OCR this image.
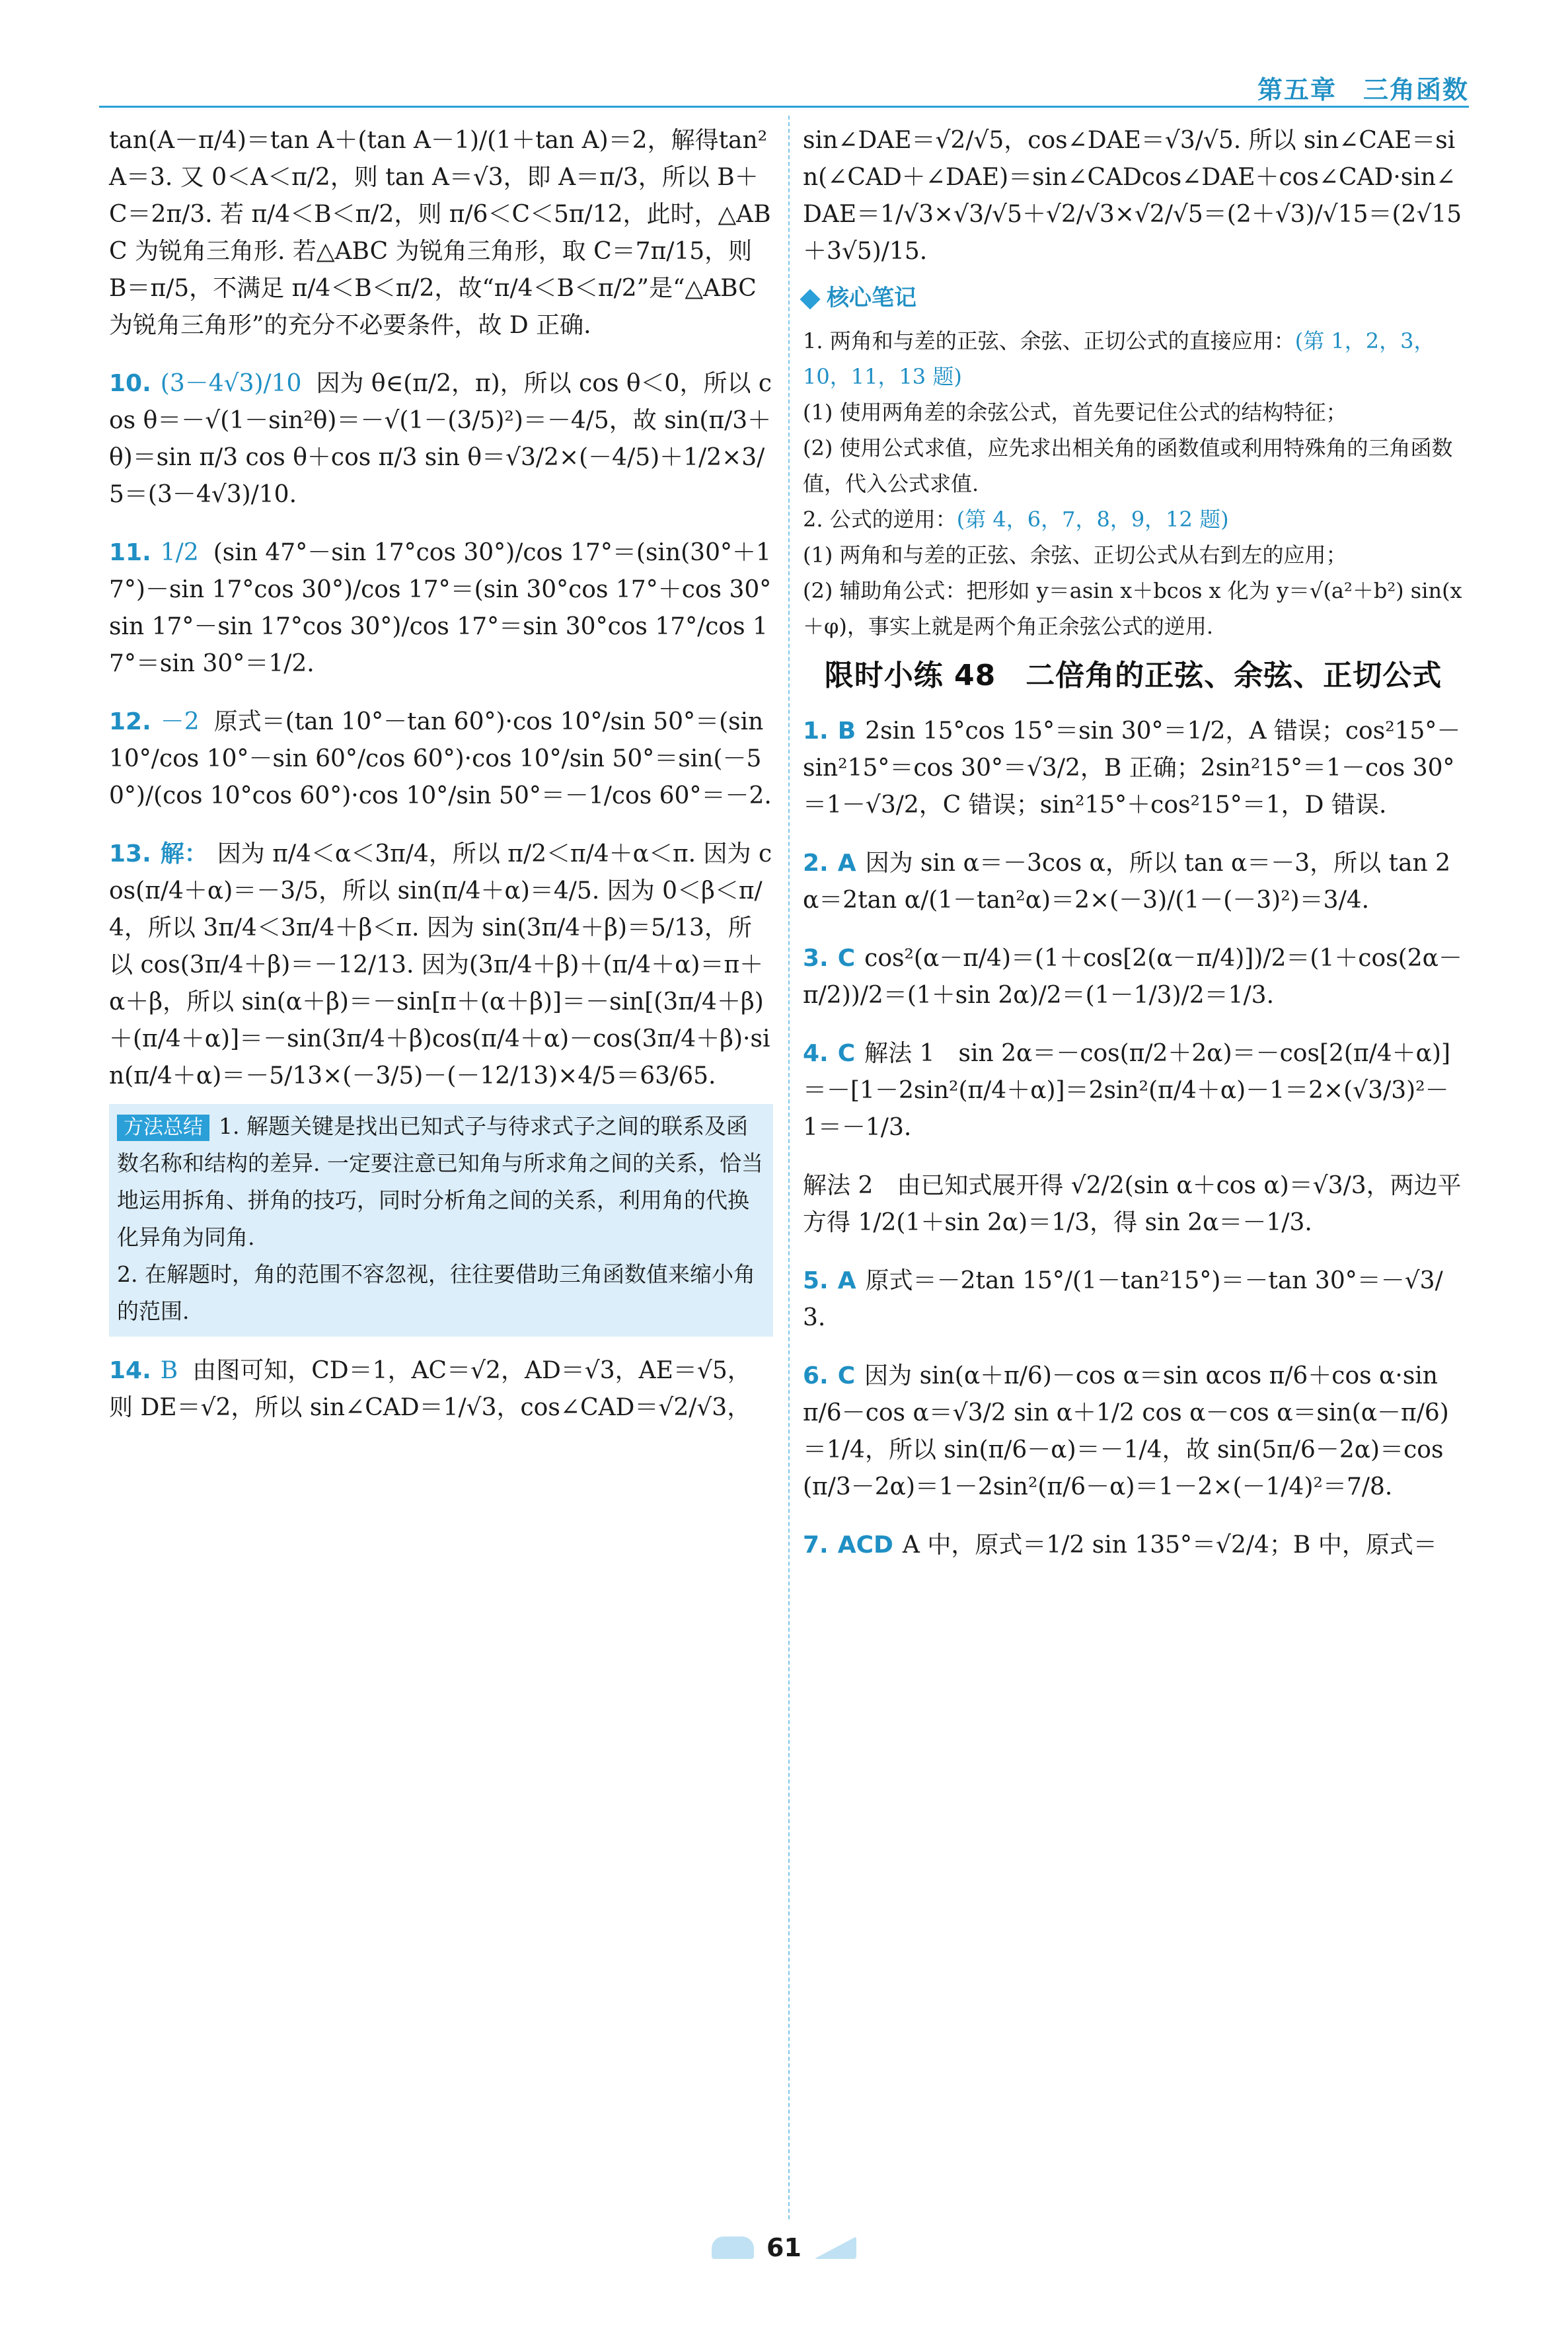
第五章　三角函数

tan(A－π/4)＝tan A＋(tan A－1)/(1＋tan A)＝2，解得tan²A＝3. 又 0＜A＜π/2，则 tan A＝√3，即 A＝π/3，所以 B＋C＝2π/3. 若 π/4＜B＜π/2，则 π/6＜C＜5π/12，此时，△ABC 为锐角三角形. 若△ABC 为锐角三角形，取 C＝7π/15，则 B＝π/5，不满足 π/4＜B＜π/2，故“π/4＜B＜π/2”是“△ABC 为锐角三角形”的充分不必要条件，故 D 正确.

10. (3－4√3)/10 因为 θ∈(π/2，π)，所以 cos θ＜0，所以 cos θ＝－√(1－sin²θ)＝－√(1－(3/5)²)＝－4/5，故 sin(π/3＋θ)＝sin π/3 cos θ＋cos π/3 sin θ＝√3/2×(－4/5)＋1/2×3/5＝(3－4√3)/10.

11. 1/2 (sin 47°－sin 17°cos 30°)/cos 17°＝(sin(30°＋17°)－sin 17°cos 30°)/cos 17°＝(sin 30°cos 17°＋cos 30°sin 17°－sin 17°cos 30°)/cos 17°＝sin 30°cos 17°/cos 17°＝sin 30°＝1/2.

12. －2 原式＝(tan 10°－tan 60°)·cos 10°/sin 50°＝(sin 10°/cos 10°－sin 60°/cos 60°)·cos 10°/sin 50°＝sin(－50°)/(cos 10°cos 60°)·cos 10°/sin 50°＝－1/cos 60°＝－2.

13. 解： 因为 π/4＜α＜3π/4，所以 π/2＜π/4＋α＜π. 因为 cos(π/4＋α)＝－3/5，所以 sin(π/4＋α)＝4/5. 因为 0＜β＜π/4，所以 3π/4＜3π/4＋β＜π. 因为 sin(3π/4＋β)＝5/13，所以 cos(3π/4＋β)＝－12/13. 因为(3π/4＋β)＋(π/4＋α)＝π＋α＋β，所以 sin(α＋β)＝－sin[π＋(α＋β)]＝－sin[(3π/4＋β)＋(π/4＋α)]＝－sin(3π/4＋β)cos(π/4＋α)－cos(3π/4＋β)·sin(π/4＋α)＝－5/13×(－3/5)－(－12/13)×4/5＝63/65.

方法总结 1. 解题关键是找出已知式子与待求式子之间的联系及函数名称和结构的差异. 一定要注意已知角与所求角之间的关系，恰当地运用拆角、拼角的技巧，同时分析角之间的关系，利用角的代换化异角为同角.
2. 在解题时，角的范围不容忽视，往往要借助三角函数值来缩小角的范围.

14. B 由图可知，CD＝1，AC＝√2，AD＝√3，AE＝√5，则 DE＝√2，所以 sin∠CAD＝1/√3，cos∠CAD＝√2/√3，

sin∠DAE＝√2/√5，cos∠DAE＝√3/√5. 所以 sin∠CAE＝sin(∠CAD＋∠DAE)＝sin∠CADcos∠DAE＋cos∠CAD·sin∠DAE＝1/√3×√3/√5＋√2/√3×√2/√5＝(2＋√3)/√15＝(2√15＋3√5)/15.

核心笔记
1. 两角和与差的正弦、余弦、正切公式的直接应用：(第 1，2，3，10，11，13 题)
(1) 使用两角差的余弦公式，首先要记住公式的结构特征；
(2) 使用公式求值，应先求出相关角的函数值或利用特殊角的三角函数值，代入公式求值.
2. 公式的逆用：(第 4，6，7，8，9，12 题)
(1) 两角和与差的正弦、余弦、正切公式从右到左的应用；
(2) 辅助角公式：把形如 y＝asin x＋bcos x 化为 y＝√(a²＋b²) sin(x＋φ)，事实上就是两个角正余弦公式的逆用.
限时小练 48　二倍角的正弦、余弦、正切公式

1. B 2sin 15°cos 15°＝sin 30°＝1/2，A 错误；cos²15°－sin²15°＝cos 30°＝√3/2，B 正确；2sin²15°＝1－cos 30°＝1－√3/2，C 错误；sin²15°＋cos²15°＝1，D 错误.

2. A 因为 sin α＝－3cos α，所以 tan α＝－3，所以 tan 2α＝2tan α/(1－tan²α)＝2×(－3)/(1－(－3)²)＝3/4.

3. C cos²(α－π/4)＝(1＋cos[2(α－π/4)])/2＝(1＋cos(2α－π/2))/2＝(1＋sin 2α)/2＝(1－1/3)/2＝1/3.

4. C 解法 1　sin 2α＝－cos(π/2＋2α)＝－cos[2(π/4＋α)]＝－[1－2sin²(π/4＋α)]＝2sin²(π/4＋α)－1＝2×(√3/3)²－1＝－1/3.

解法 2　由已知式展开得 √2/2(sin α＋cos α)＝√3/3，两边平方得 1/2(1＋sin 2α)＝1/3，得 sin 2α＝－1/3.

5. A 原式＝－2tan 15°/(1－tan²15°)＝－tan 30°＝－√3/3.

6. C 因为 sin(α＋π/6)－cos α＝sin αcos π/6＋cos α·sin π/6－cos α＝√3/2 sin α＋1/2 cos α－cos α＝sin(α－π/6)＝1/4，所以 sin(π/6－α)＝－1/4，故 sin(5π/6－2α)＝cos(π/3－2α)＝1－2sin²(π/6－α)＝1－2×(－1/4)²＝7/8.

7. ACD A 中，原式＝1/2 sin 135°＝√2/4；B 中，原式＝

61
